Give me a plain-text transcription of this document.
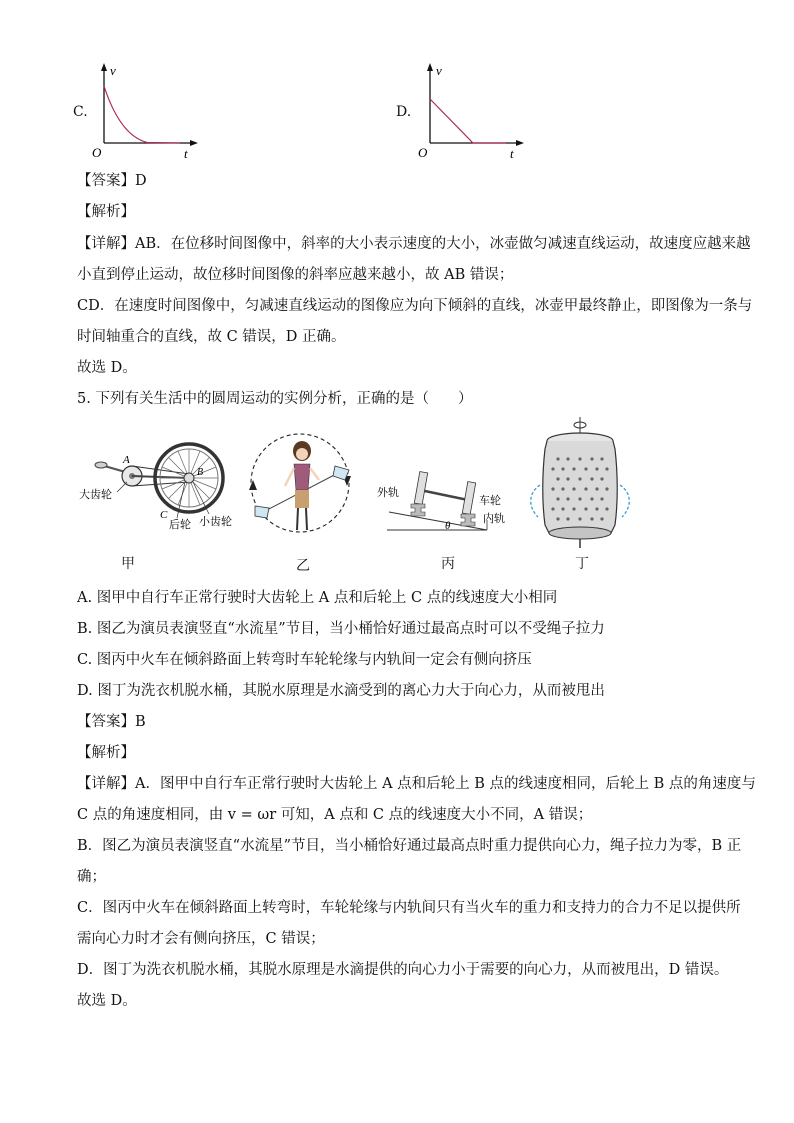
C.
v
O	t
D.
v
O	t
【答案】D
【解析】
【详解】AB．在位移时间图像中，斜率的大小表示速度的大小，冰壶做匀减速直线运动，故速度应越来越
小直到停止运动，故位移时间图像的斜率应越来越小，故 AB 错误；
CD．在速度时间图像中，匀减速直线运动的图像应为向下倾斜的直线，冰壶甲最终静止，即图像为一条与
时间轴重合的直线，故 C 错误，D 正确。
故选 D。
5. 下列有关生活中的圆周运动的实例分析，正确的是（　　）
A
B
C
大齿轮
后轮 小齿轮
甲	乙
θ
外轨
车轮
内轨
丙	丁
A. 图甲中自行车正常行驶时大齿轮上 A 点和后轮上 C 点的线速度大小相同
B. 图乙为演员表演竖直“水流星”节目，当小桶恰好通过最高点时可以不受绳子拉力
C. 图丙中火车在倾斜路面上转弯时车轮轮缘与内轨间一定会有侧向挤压
D. 图丁为洗衣机脱水桶，其脱水原理是水滴受到的离心力大于向心力，从而被甩出
【答案】B
【解析】
【详解】A．图甲中自行车正常行驶时大齿轮上 A 点和后轮上 B 点的线速度相同，后轮上 B 点的角速度与
C 点的角速度相同，由 v = ωr 可知，A 点和 C 点的线速度大小不同，A 错误；
B．图乙为演员表演竖直“水流星”节目，当小桶恰好通过最高点时重力提供向心力，绳子拉力为零，B 正
确；
C．图丙中火车在倾斜路面上转弯时，车轮轮缘与内轨间只有当火车的重力和支持力的合力不足以提供所
需向心力时才会有侧向挤压，C 错误；
D．图丁为洗衣机脱水桶，其脱水原理是水滴提供的向心力小于需要的向心力，从而被甩出，D 错误。
故选 D。
